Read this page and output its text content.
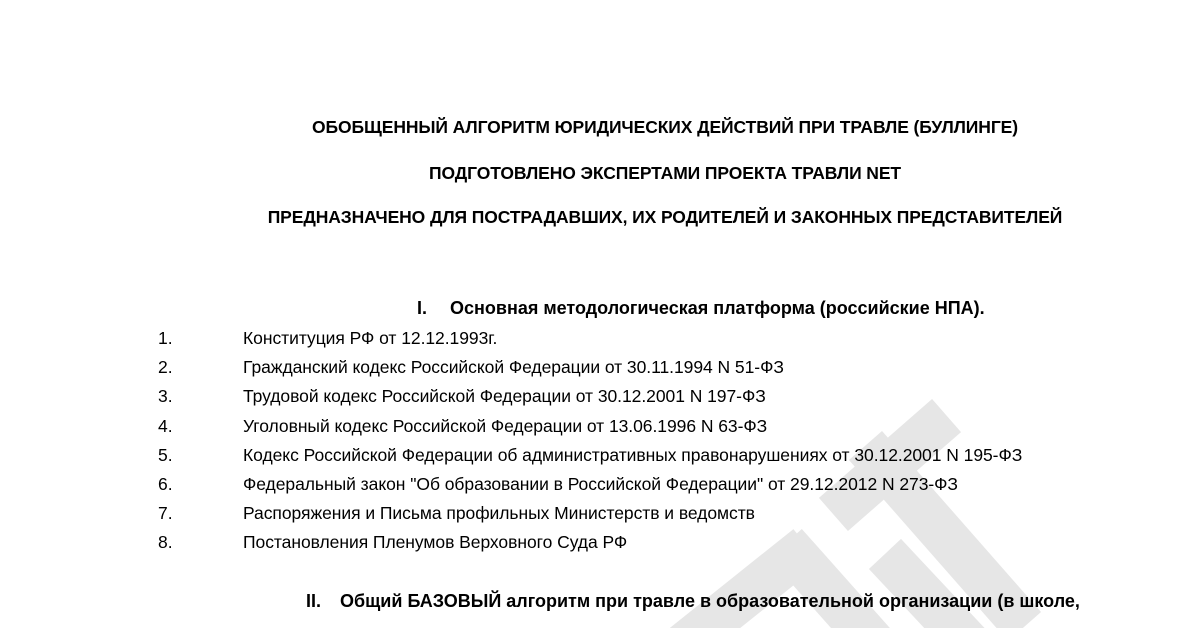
ОБОБЩЕННЫЙ АЛГОРИТМ ЮРИДИЧЕСКИХ ДЕЙСТВИЙ ПРИ ТРАВЛЕ (БУЛЛИНГЕ)
ПОДГОТОВЛЕНО ЭКСПЕРТАМИ ПРОЕКТА ТРАВЛИ NET
ПРЕДНАЗНАЧЕНО ДЛЯ ПОСТРАДАВШИХ, ИХ РОДИТЕЛЕЙ И ЗАКОННЫХ ПРЕДСТАВИТЕЛЕЙ
I. Основная методологическая платформа (российские НПА).
1.	Конституция РФ от 12.12.1993г.
2.	Гражданский кодекс Российской Федерации от 30.11.1994 N 51-ФЗ
3.	Трудовой кодекс Российской Федерации от 30.12.2001 N 197-ФЗ
4.	Уголовный кодекс Российской Федерации от 13.06.1996 N 63-ФЗ
5.	Кодекс Российской Федерации об административных правонарушениях от 30.12.2001 N 195-ФЗ
6.	Федеральный закон "Об образовании в Российской Федерации" от 29.12.2012 N 273-ФЗ
7.	Распоряжения и Письма профильных Министерств и ведомств
8.	Постановления Пленумов Верховного Суда РФ
II. Общий БАЗОВЫЙ алгоритм при травле в образовательной организации (в школе,
